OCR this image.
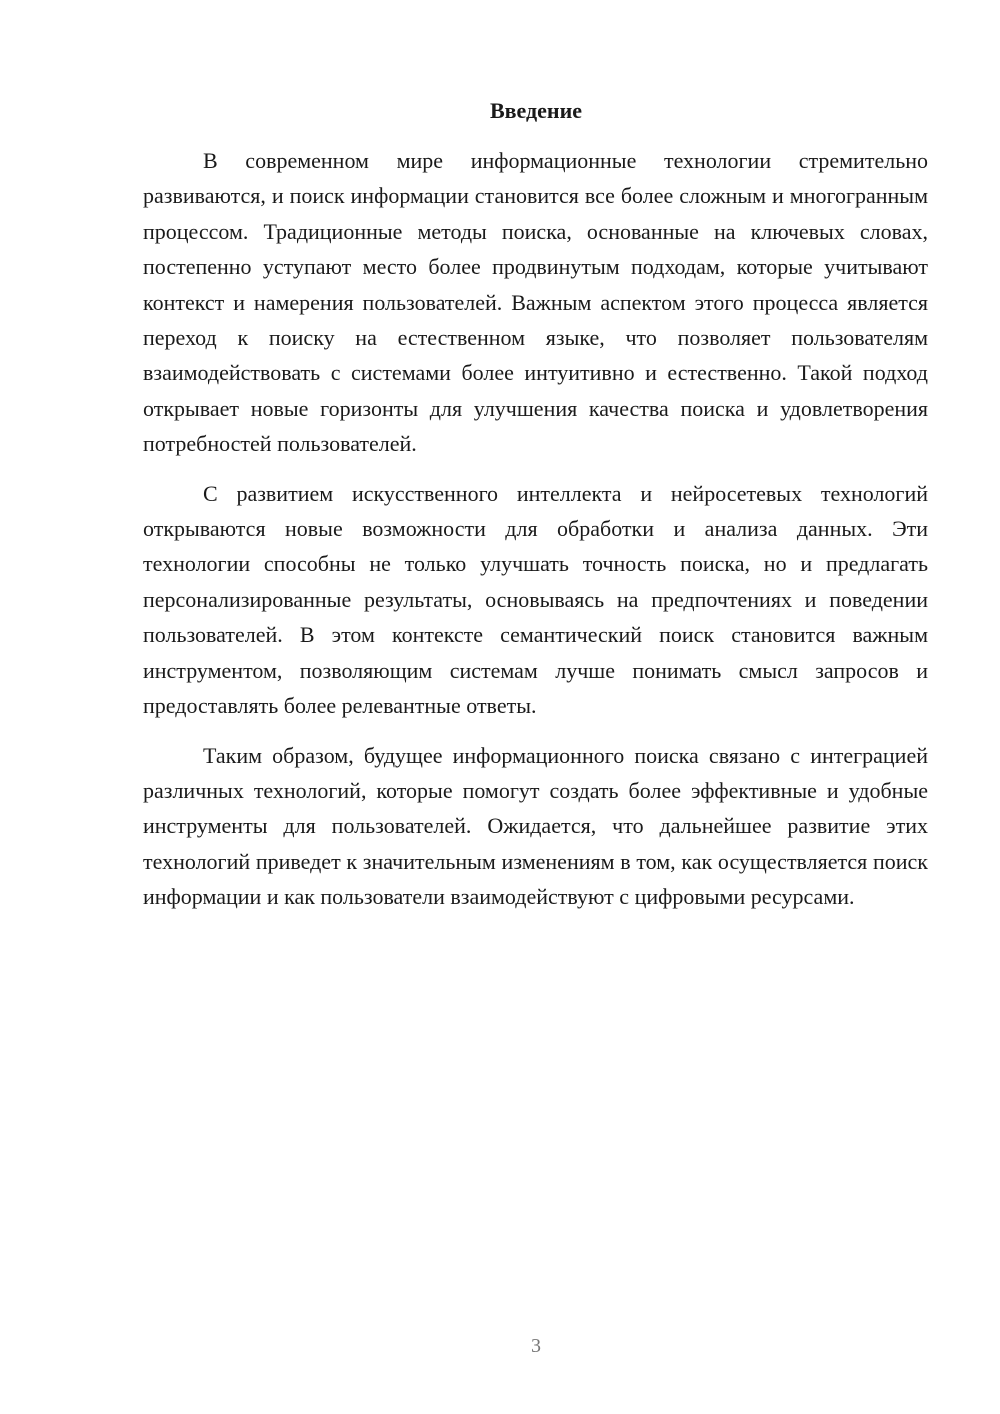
Введение

В современном мире информационные технологии стремительно развиваются, и поиск информации становится все более сложным и многогранным процессом. Традиционные методы поиска, основанные на ключевых словах, постепенно уступают место более продвинутым подходам, которые учитывают контекст и намерения пользователей. Важным аспектом этого процесса является переход к поиску на естественном языке, что позволяет пользователям взаимодействовать с системами более интуитивно и естественно. Такой подход открывает новые горизонты для улучшения качества поиска и удовлетворения потребностей пользователей.

С развитием искусственного интеллекта и нейросетевых технологий открываются новые возможности для обработки и анализа данных. Эти технологии способны не только улучшать точность поиска, но и предлагать персонализированные результаты, основываясь на предпочтениях и поведении пользователей. В этом контексте семантический поиск становится важным инструментом, позволяющим системам лучше понимать смысл запросов и предоставлять более релевантные ответы.

Таким образом, будущее информационного поиска связано с интеграцией различных технологий, которые помогут создать более эффективные и удобные инструменты для пользователей. Ожидается, что дальнейшее развитие этих технологий приведет к значительным изменениям в том, как осуществляется поиск информации и как пользователи взаимодействуют с цифровыми ресурсами.

3
